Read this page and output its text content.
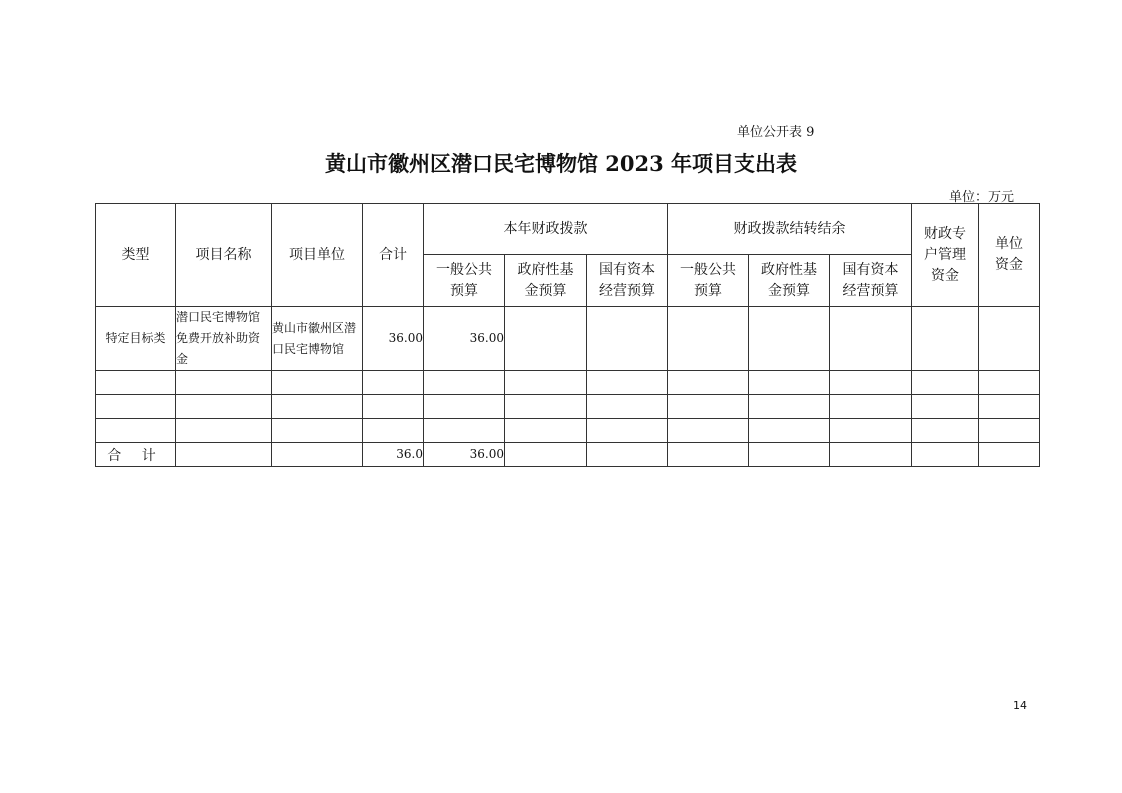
单位公开表 9
黄山市徽州区潜口民宅博物馆 2023 年项目支出表
单位：万元
类型	项目名称	项目单位	合计	本年财政拨款			财政拨款结转结余			财政专户管理资金	单位资金
				一般公共预算	政府性基金预算	国有资本经营预算	一般公共预算	政府性基金预算	国有资本经营预算		
特定目标类	潜口民宅博物馆免费开放补助资金	黄山市徽州区潜口民宅博物馆	36.00	36.00							

合 计			36.0	36.00							
14
